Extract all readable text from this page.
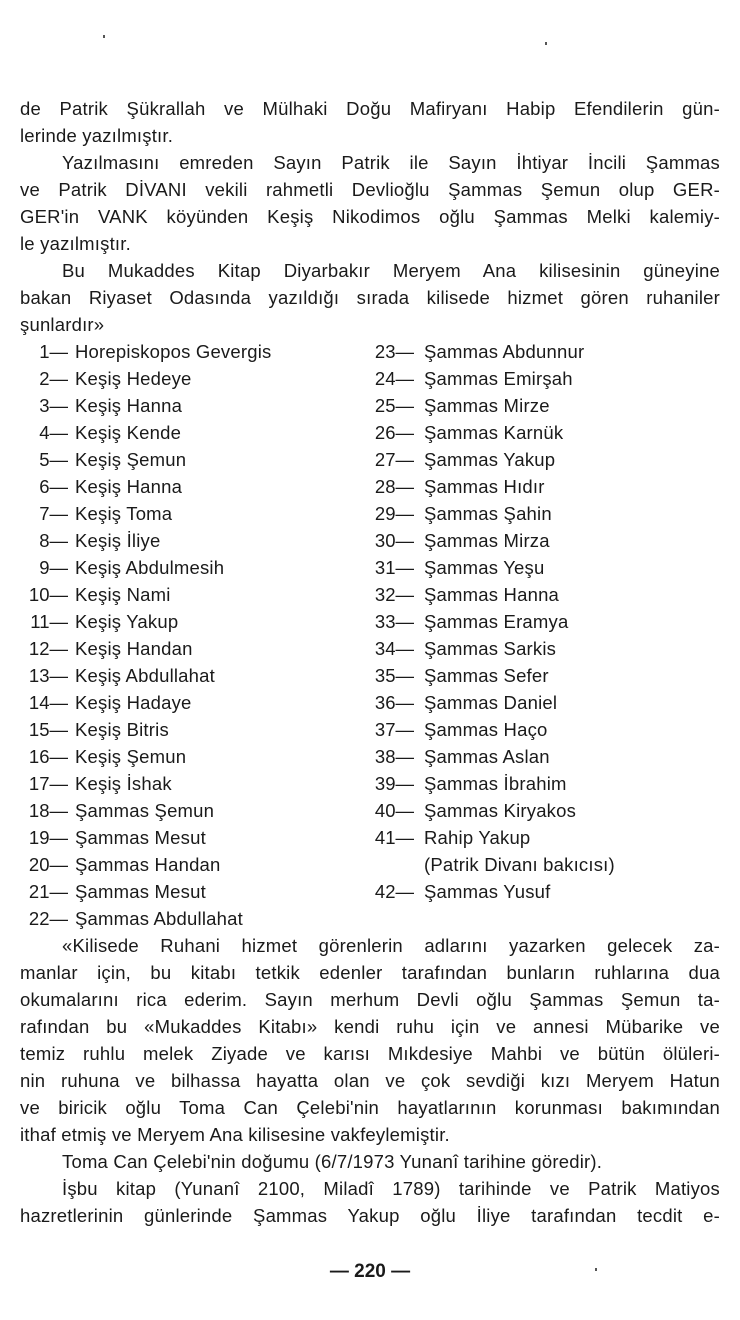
de Patrik Şükrallah ve Mülhaki Doğu Mafiryanı Habip Efendilerin gün-
lerinde yazılmıştır.
Yazılmasını emreden Sayın Patrik ile Sayın İhtiyar İncili Şammas
ve Patrik DİVANI vekili rahmetli Devlioğlu Şammas Şemun olup GER-
GER'in VANK köyünden Keşiş Nikodimos oğlu Şammas Melki kalemiy-
le yazılmıştır.
Bu Mukaddes Kitap Diyarbakır Meryem Ana kilisesinin güneyine
bakan Riyaset Odasında yazıldığı sırada kilisede hizmet gören ruhaniler
şunlardır»
1— Horepiskopos Gevergis
2— Keşiş Hedeye
3— Keşiş Hanna
4— Keşiş Kende
5— Keşiş Şemun
6— Keşiş Hanna
7— Keşiş Toma
8— Keşiş İliye
9— Keşiş Abdulmesih
10— Keşiş Nami
11— Keşiş Yakup
12— Keşiş Handan
13— Keşiş Abdullahat
14— Keşiş Hadaye
15— Keşiş Bitris
16— Keşiş Şemun
17— Keşiş İshak
18— Şammas Şemun
19— Şammas Mesut
20— Şammas Handan
21— Şammas Mesut
22— Şammas Abdullahat
23— Şammas Abdunnur
24— Şammas Emirşah
25— Şammas Mirze
26— Şammas Karnük
27— Şammas Yakup
28— Şammas Hıdır
29— Şammas Şahin
30— Şammas Mirza
31— Şammas Yeşu
32— Şammas Hanna
33— Şammas Eramya
34— Şammas Sarkis
35— Şammas Sefer
36— Şammas Daniel
37— Şammas Haço
38— Şammas Aslan
39— Şammas İbrahim
40— Şammas Kiryakos
41— Rahip Yakup
(Patrik Divanı bakıcısı)
42— Şammas Yusuf
«Kilisede Ruhani hizmet görenlerin adlarını yazarken gelecek za-
manlar için, bu kitabı tetkik edenler tarafından bunların ruhlarına dua
okumalarını rica ederim. Sayın merhum Devli oğlu Şammas Şemun ta-
rafından bu «Mukaddes Kitabı» kendi ruhu için ve annesi Mübarike ve
temiz ruhlu melek Ziyade ve karısı Mıkdesiye Mahbi ve bütün ölüleri-
nin ruhuna ve bilhassa hayatta olan ve çok sevdiği kızı Meryem Hatun
ve biricik oğlu Toma Can Çelebi'nin hayatlarının korunması bakımından
ithaf etmiş ve Meryem Ana kilisesine vakfeylemiştir.
Toma Can Çelebi'nin doğumu (6/7/1973 Yunanî tarihine göredir).
İşbu kitap (Yunanî 2100, Miladî 1789) tarihinde ve Patrik Matiyos
hazretlerinin günlerinde Şammas Yakup oğlu İliye tarafından tecdit e-
— 220 —
